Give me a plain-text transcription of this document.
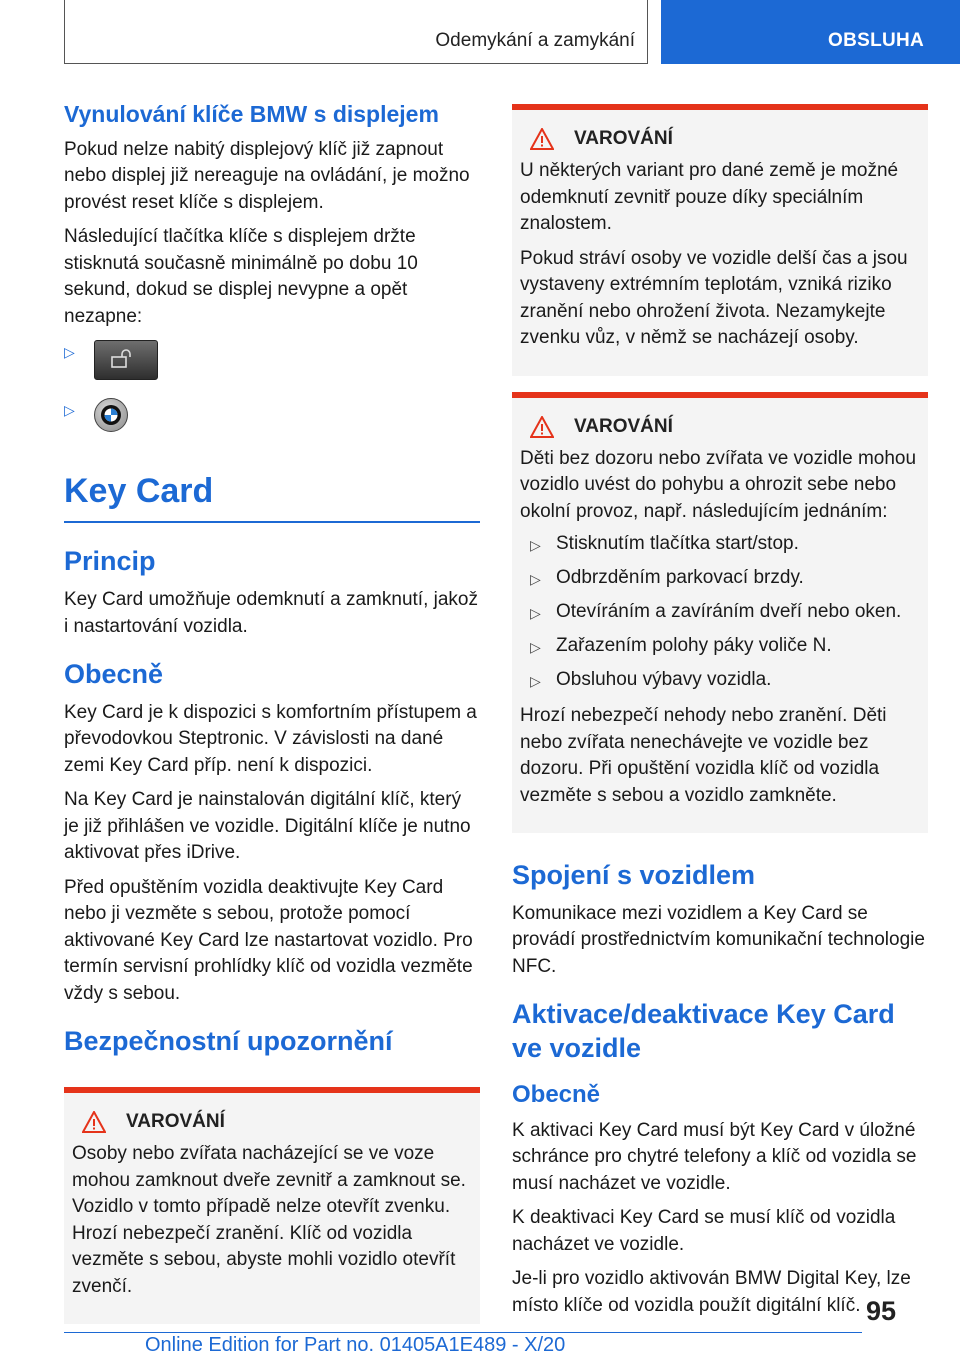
Odemykání a zamykání	OBSLUHA
Vynulování klíče BMW s displejem

Pokud nelze nabitý displejový klíč již zapnout nebo displej již nereaguje na ovládání, je možno provést reset klíče s displejem.

Následující tlačítka klíče s displejem držte stisknutá současně minimálně po dobu 10 sekund, dokud se displej nevypne a opět nezapne:

▷
▷
Key Card
Princip

Key Card umožňuje odemknutí a zamknutí, jakož i nastartování vozidla.

Obecně

Key Card je k dispozici s komfortním přístupem a převodovkou Steptronic. V závislosti na dané zemi Key Card příp. není k dispozici.

Na Key Card je nainstalován digitální klíč, který je již přihlášen ve vozidle. Digitální klíče je nutno aktivovat přes iDrive.

Před opuštěním vozidla deaktivujte Key Card nebo ji vezměte s sebou, protože pomocí aktivované Key Card lze nastartovat vozidlo. Pro termín servisní prohlídky klíč od vozidla vezměte vždy s sebou.

Bezpečnostní upozornění
VAROVÁNÍ

Osoby nebo zvířata nacházející se ve voze mohou zamknout dveře zevnitř a zamknout se. Vozidlo v tomto případě nelze otevřít zvenku. Hrozí nebezpečí zranění. Klíč od vozidla vezměte s sebou, abyste mohli vozidlo otevřít zvenčí.

VAROVÁNÍ

U některých variant pro dané země je možné odemknutí zevnitř pouze díky speciálním znalostem.

Pokud stráví osoby ve vozidle delší čas a jsou vystaveny extrémním teplotám, vzniká riziko zranění nebo ohrožení života. Nezamykejte zvenku vůz, v němž se nacházejí osoby.

VAROVÁNÍ

Děti bez dozoru nebo zvířata ve vozidle mohou vozidlo uvést do pohybu a ohrozit sebe nebo okolní provoz, např. následujícím jednáním:

▷ Stisknutím tlačítka start/stop.
▷ Odbrzděním parkovací brzdy.
▷ Otevíráním a zavíráním dveří nebo oken.
▷ Zařazením polohy páky voliče N.
▷ Obsluhou výbavy vozidla.

Hrozí nebezpečí nehody nebo zranění. Děti nebo zvířata nenechávejte ve vozidle bez dozoru. Při opuštění vozidla klíč od vozidla vezměte s sebou a vozidlo zamkněte.

Spojení s vozidlem

Komunikace mezi vozidlem a Key Card se provádí prostřednictvím komunikační technologie NFC.

Aktivace/deaktivace Key Card ve vozidle
Obecně

K aktivaci Key Card musí být Key Card v úložné schránce pro chytré telefony a klíč od vozidla se musí nacházet ve vozidle.

K deaktivaci Key Card se musí klíč od vozidla nacházet ve vozidle.

Je-li pro vozidlo aktivován BMW Digital Key, lze místo klíče od vozidla použít digitální klíč. 95
Online Edition for Part no. 01405A1E489 - X/20
